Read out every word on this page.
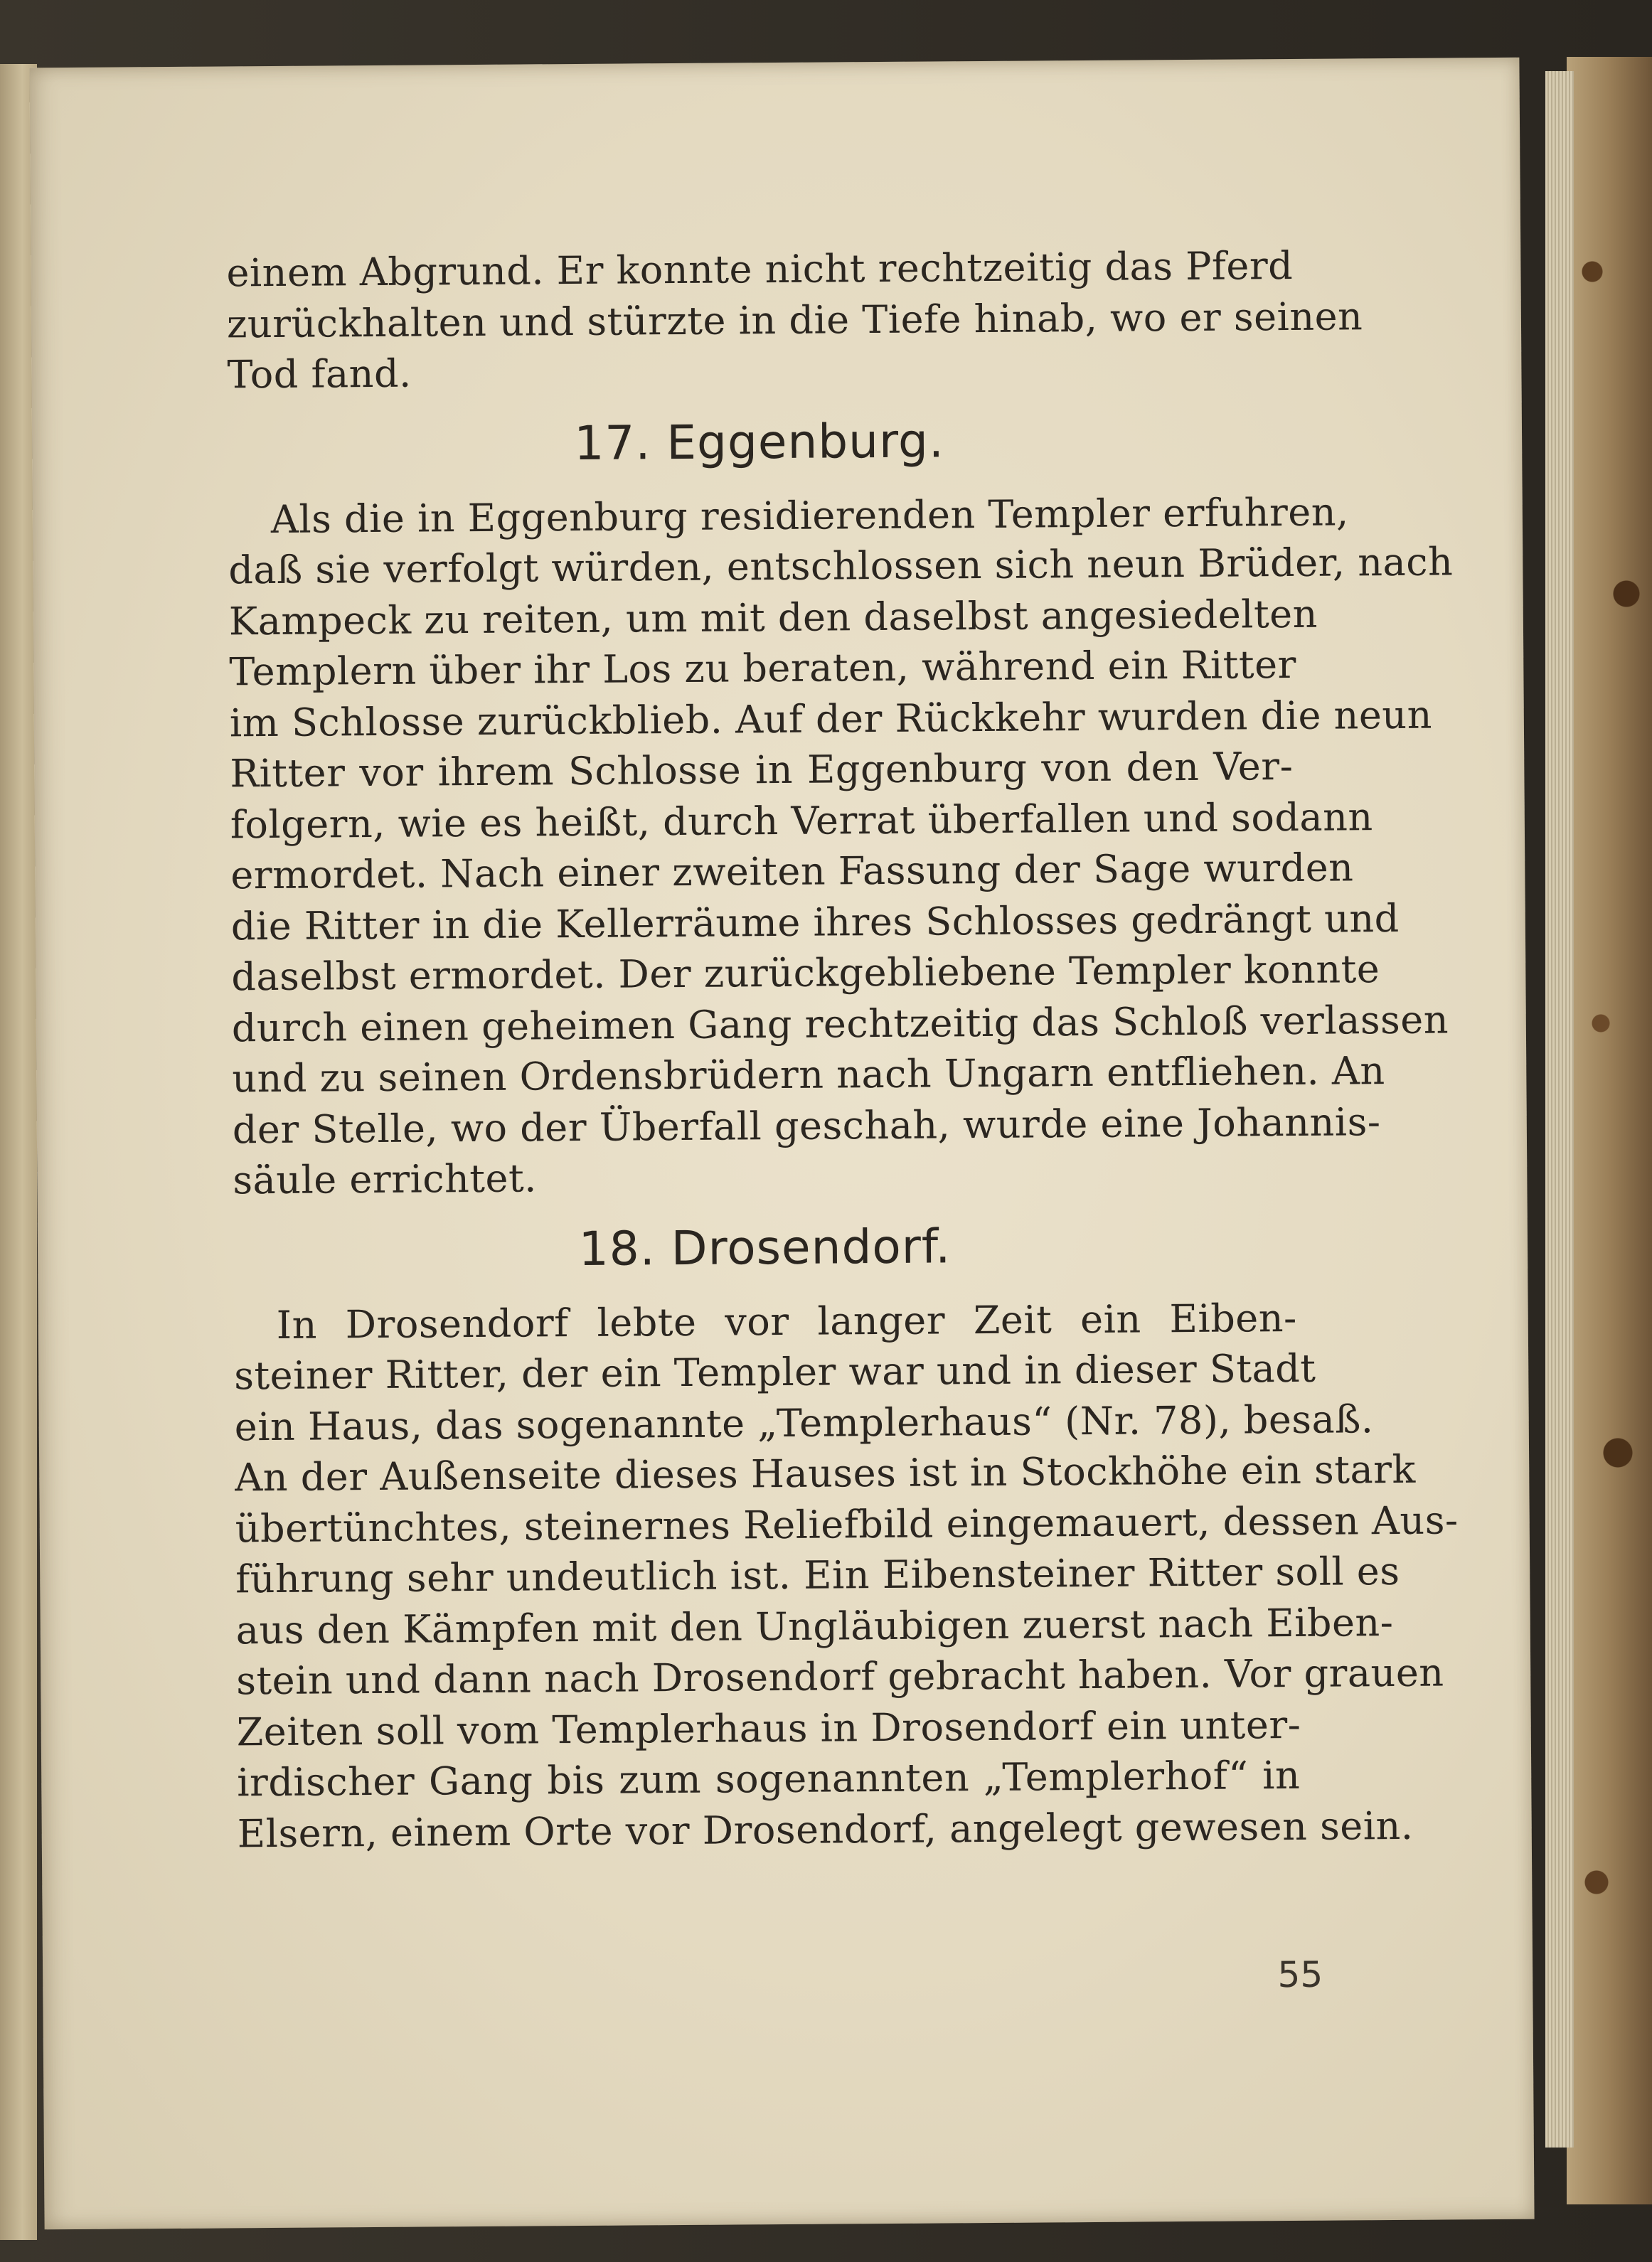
einem Abgrund. Er konnte nicht rechtzeitig das Pferd
zurückhalten und stürzte in die Tiefe hinab, wo er seinen
Tod fand.
17. Eggenburg.
Als die in Eggenburg residierenden Templer erfuhren,
daß sie verfolgt würden, entschlossen sich neun Brüder, nach
Kampeck zu reiten, um mit den daselbst angesiedelten
Templern über ihr Los zu beraten, während ein Ritter
im Schlosse zurückblieb. Auf der Rückkehr wurden die neun
Ritter vor ihrem Schlosse in Eggenburg von den Ver-
folgern, wie es heißt, durch Verrat überfallen und sodann
ermordet. Nach einer zweiten Fassung der Sage wurden
die Ritter in die Kellerräume ihres Schlosses gedrängt und
daselbst ermordet. Der zurückgebliebene Templer konnte
durch einen geheimen Gang rechtzeitig das Schloß verlassen
und zu seinen Ordensbrüdern nach Ungarn entfliehen. An
der Stelle, wo der Überfall geschah, wurde eine Johannis-
säule errichtet.
18. Drosendorf.
In Drosendorf lebte vor langer Zeit ein Eiben-
steiner Ritter, der ein Templer war und in dieser Stadt
ein Haus, das sogenannte „Templerhaus“ (Nr. 78), besaß.
An der Außenseite dieses Hauses ist in Stockhöhe ein stark
übertünchtes, steinernes Reliefbild eingemauert, dessen Aus-
führung sehr undeutlich ist. Ein Eibensteiner Ritter soll es
aus den Kämpfen mit den Ungläubigen zuerst nach Eiben-
stein und dann nach Drosendorf gebracht haben. Vor grauen
Zeiten soll vom Templerhaus in Drosendorf ein unter-
irdischer Gang bis zum sogenannten „Templerhof“ in
Elsern, einem Orte vor Drosendorf, angelegt gewesen sein.
55
